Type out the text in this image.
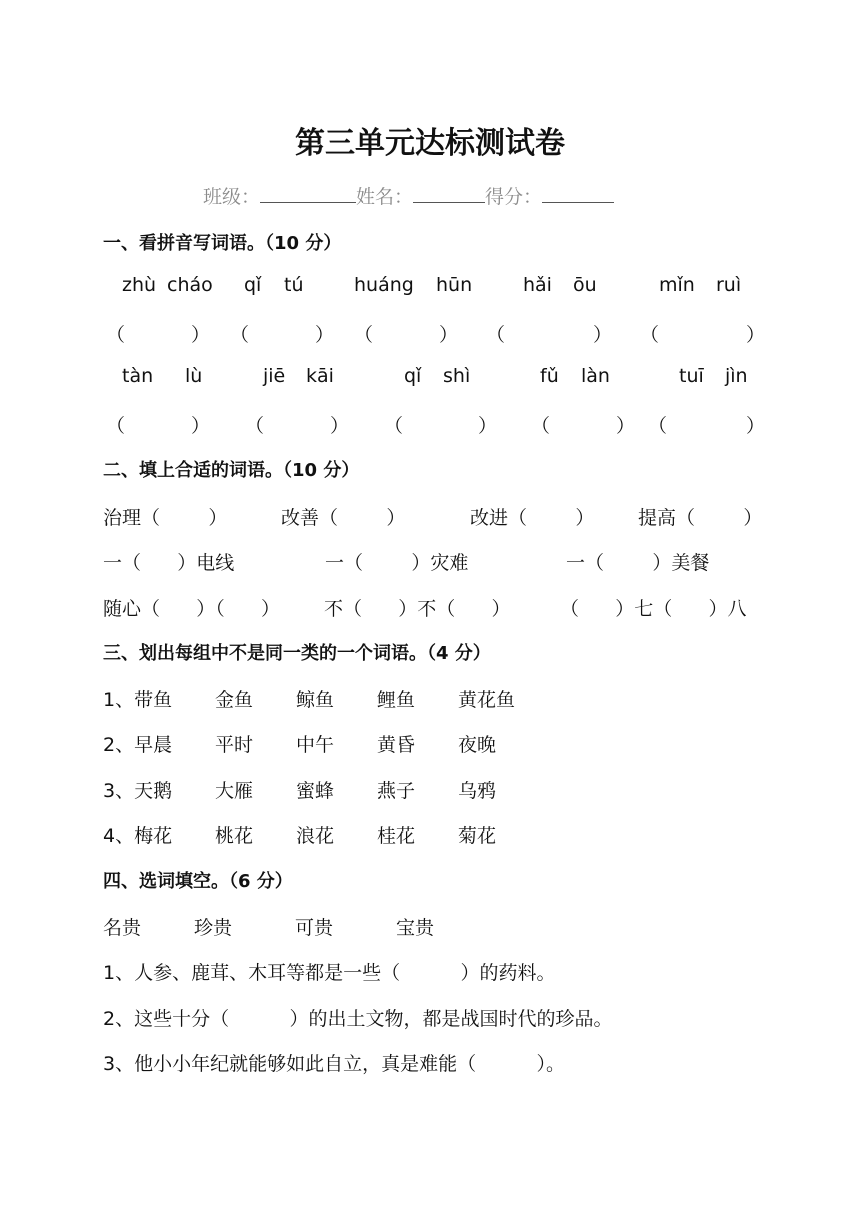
第三单元达标测试卷
班级：	姓名：	得分：
一、看拼音写词语。（10 分）
zhù cháo qǐ tú	huáng hūn	hǎi ōu	mǐn ruì
（	） （	） （	） （	） （	）
tàn lù	jiē kāi	qǐ shì	fǔ làn	tuī jìn
（	） （	） （	） （	） （	）
二、填上合适的词语。（10 分）
治理（        ）	改善（        ）	改进（        ） 提高（        ）
一（      ）电线	一（        ）灾难	一（        ）美餐
随心（      ）（      ） 不（      ）不（      ）	（      ）七（      ）八
三、划出每组中不是同一类的一个词语。（4 分）
1、带鱼 金鱼 鲸鱼 鲤鱼 黄花鱼
2、早晨 平时 中午 黄昏 夜晚
3、天鹅 大雁 蜜蜂 燕子 乌鸦
4、梅花 桃花 浪花 桂花 菊花
四、选词填空。（6 分）
名贵	珍贵	可贵	宝贵
1、人参、鹿茸、木耳等都是一些（          ）的药料。
2、这些十分（          ）的出土文物，都是战国时代的珍品。
3、他小小年纪就能够如此自立，真是难能（          ）。
